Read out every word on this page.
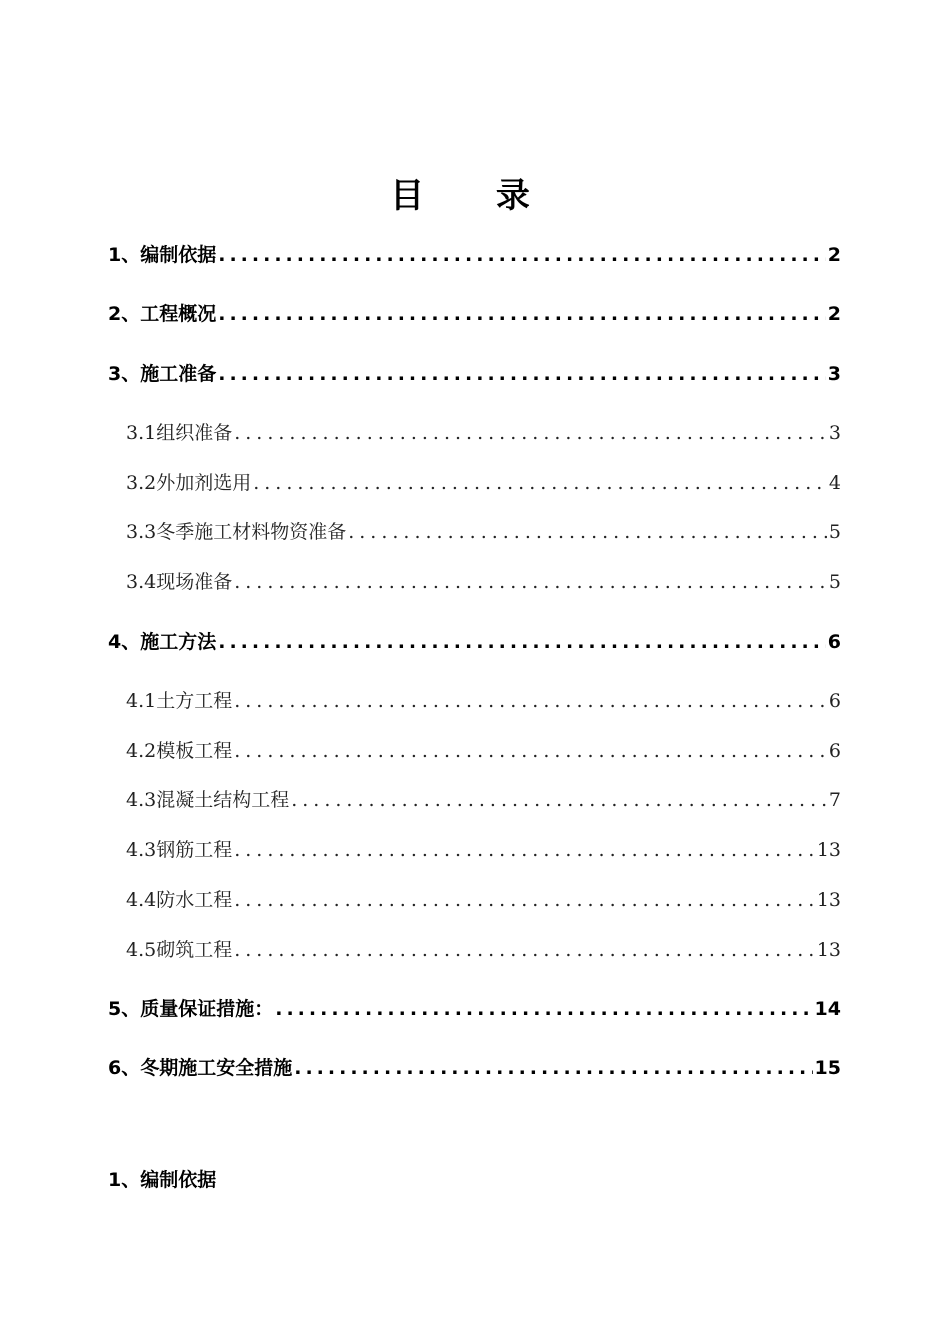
目 录
1、编制依据 .....	2
2、工程概况 .....	2
3、施工准备 .....	3
3.1组织准备 .....	3
3.2外加剂选用 .....	4
3.3冬季施工材料物资准备 .....	5
3.4现场准备 .....	5
4、施工方法 .....	6
4.1土方工程 .....	6
4.2模板工程 .....	6
4.3混凝土结构工程 .....	7
4.3钢筋工程 .....	13
4.4防水工程 .....	13
4.5砌筑工程 .....	13
5、质量保证措施： .....	14
6、冬期施工安全措施 .....	15
1、编制依据
